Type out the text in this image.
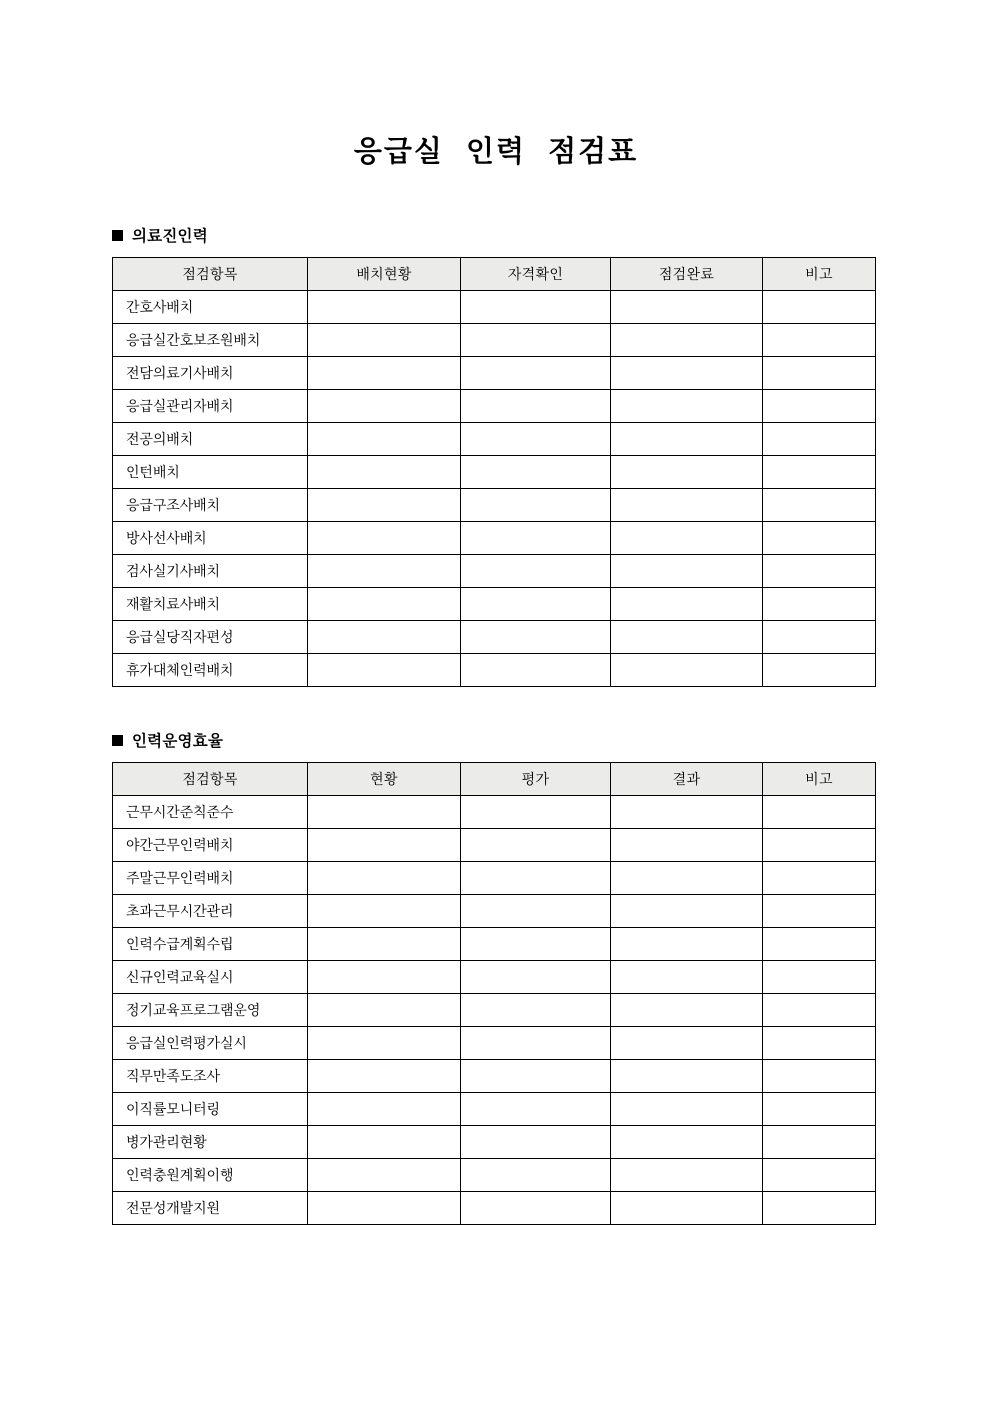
응급실 인력 점검표
의료진인력
점검항목	배치현황	자격확인	점검완료	비고
간호사배치				
응급실간호보조원배치				
전담의료기사배치				
응급실관리자배치				
전공의배치				
인턴배치				
응급구조사배치				
방사선사배치				
검사실기사배치				
재활치료사배치				
응급실당직자편성				
휴가대체인력배치				
인력운영효율
점검항목	현황	평가	결과	비고
근무시간준칙준수				
야간근무인력배치				
주말근무인력배치				
초과근무시간관리				
인력수급계획수립				
신규인력교육실시				
정기교육프로그램운영				
응급실인력평가실시				
직무만족도조사				
이직률모니터링				
병가관리현황				
인력충원계획이행				
전문성개발지원				
